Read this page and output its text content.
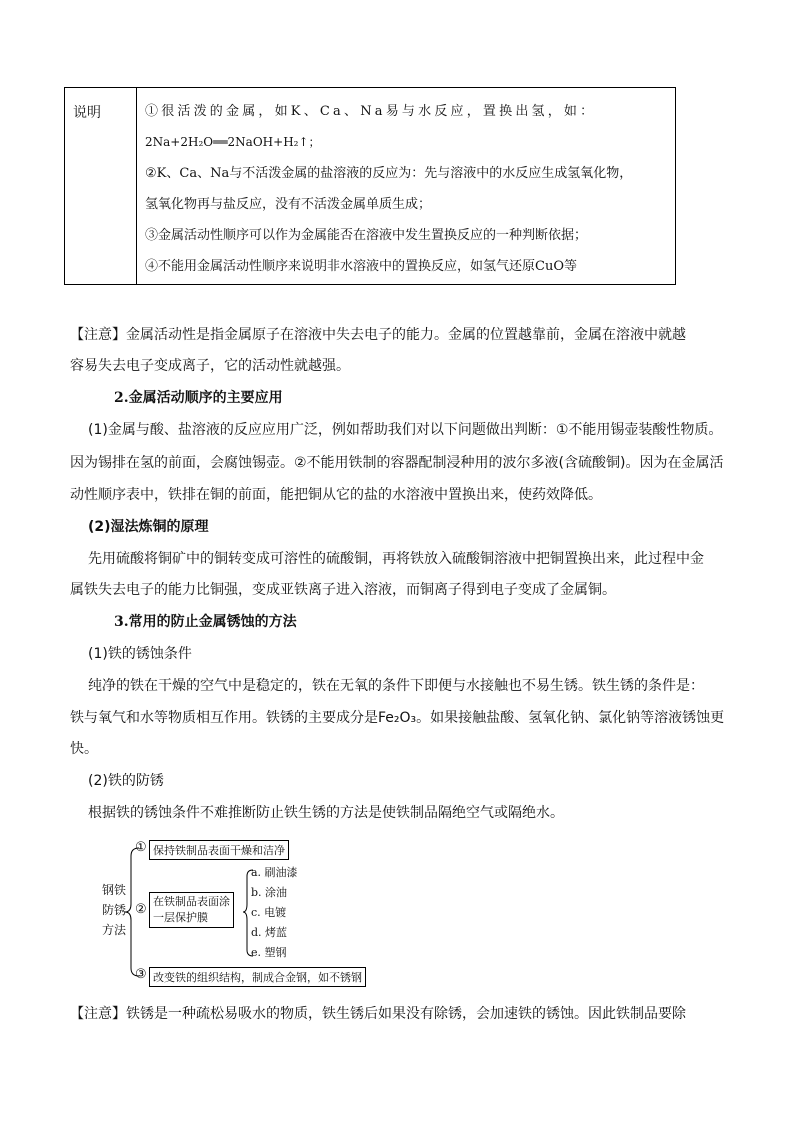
说明	①很活泼的金属，如K、Ca、Na易与水反应，置换出氢，如：
2Na+2H₂O══2NaOH+H₂↑；
②K、Ca、Na与不活泼金属的盐溶液的反应为：先与溶液中的水反应生成氢氧化物，
氢氧化物再与盐反应，没有不活泼金属单质生成；
③金属活动性顺序可以作为金属能否在溶液中发生置换反应的一种判断依据；
④不能用金属活动性顺序来说明非水溶液中的置换反应，如氢气还原CuO等
【注意】金属活动性是指金属原子在溶液中失去电子的能力。金属的位置越靠前，金属在溶液中就越
容易失去电子变成离子，它的活动性就越强。
2.金属活动顺序的主要应用
(1)金属与酸、盐溶液的反应应用广泛，例如帮助我们对以下问题做出判断：①不能用锡壶装酸性物质。
因为锡排在氢的前面，会腐蚀锡壶。②不能用铁制的容器配制浸种用的波尔多液(含硫酸铜)。因为在金属活
动性顺序表中，铁排在铜的前面，能把铜从它的盐的水溶液中置换出来，使药效降低。
(2)湿法炼铜的原理
先用硫酸将铜矿中的铜转变成可溶性的硫酸铜，再将铁放入硫酸铜溶液中把铜置换出来，此过程中金
属铁失去电子的能力比铜强，变成亚铁离子进入溶液，而铜离子得到电子变成了金属铜。
3.常用的防止金属锈蚀的方法
(1)铁的锈蚀条件
纯净的铁在干燥的空气中是稳定的，铁在无氧的条件下即便与水接触也不易生锈。铁生锈的条件是：
铁与氧气和水等物质相互作用。铁锈的主要成分是Fe₂O₃。如果接触盐酸、氢氧化钠、氯化钠等溶液锈蚀更
快。
(2)铁的防锈
根据铁的锈蚀条件不难推断防止铁生锈的方法是使铁制品隔绝空气或隔绝水。
钢铁
防锈
方法
① 保持铁制品表面干燥和洁净
②
在铁制品表面涂
一层保护膜
a. 刷油漆
b. 涂油
c. 电镀
d. 烤蓝
e. 塑钢
③ 改变铁的组织结构，制成合金钢，如不锈钢
【注意】铁锈是一种疏松易吸水的物质，铁生锈后如果没有除锈，会加速铁的锈蚀。因此铁制品要除
